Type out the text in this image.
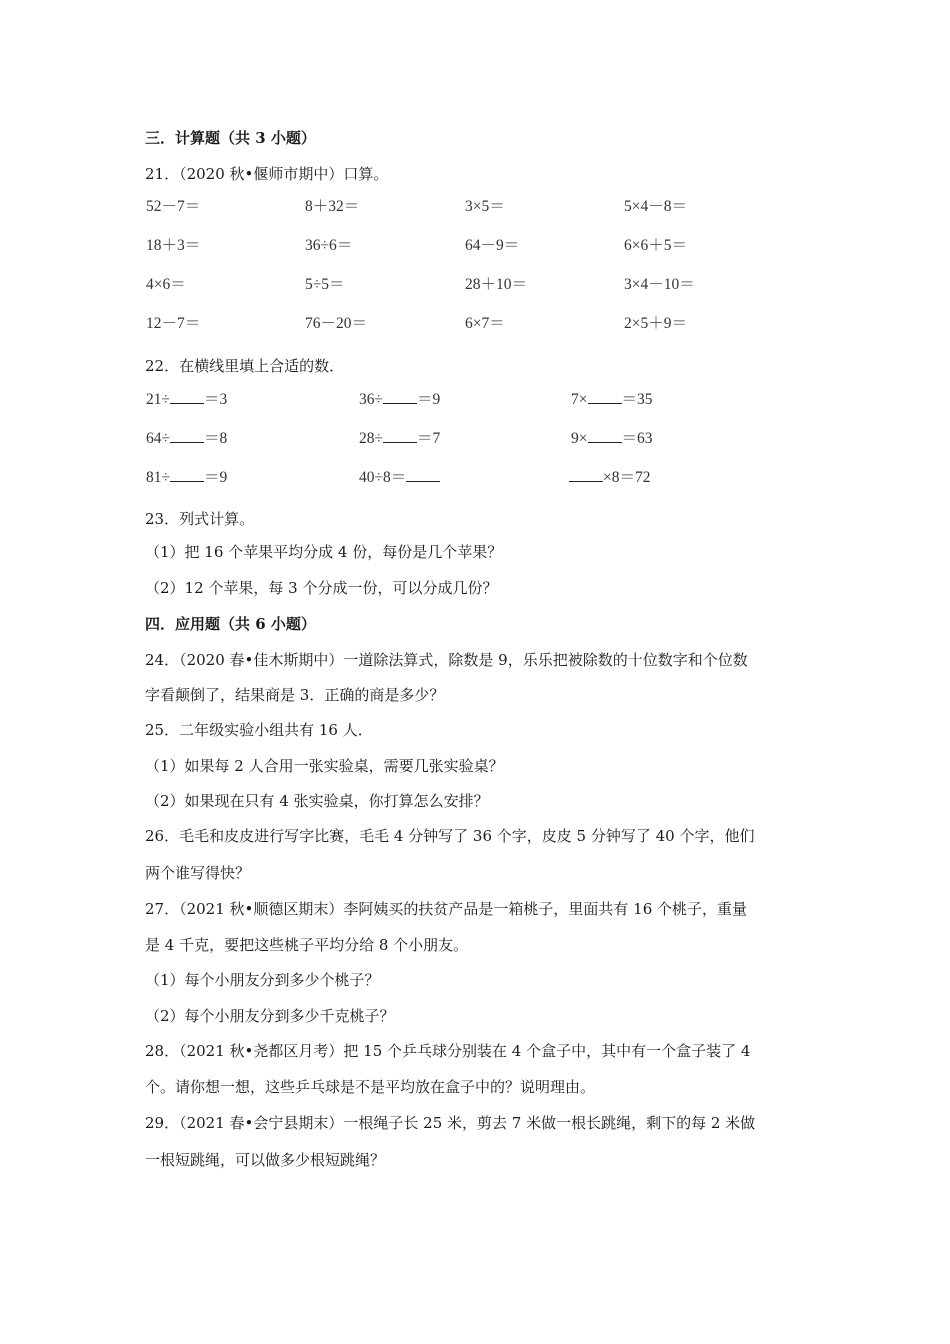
三．计算题（共 3 小题）
21．（2020 秋•偃师市期中）口算。
52－7＝	8＋32＝	3×5＝	5×4－8＝
18＋3＝	36÷6＝	64－9＝	6×6＋5＝
4×6＝	5÷5＝	28＋10＝	3×4－10＝
12－7＝	76－20＝	6×7＝	2×5＋9＝
22．在横线里填上合适的数．
21÷ ＝3	36÷ ＝9	7× ＝35
64÷ ＝8	28÷ ＝7	9× ＝63
81÷ ＝9	40÷8＝	×8＝72
23．列式计算。
（1）把 16 个苹果平均分成 4 份，每份是几个苹果？
（2）12 个苹果，每 3 个分成一份，可以分成几份？
四．应用题（共 6 小题）
24．（2020 春•佳木斯期中）一道除法算式，除数是 9，乐乐把被除数的十位数字和个位数
字看颠倒了，结果商是 3．正确的商是多少？
25．二年级实验小组共有 16 人．
（1）如果每 2 人合用一张实验桌，需要几张实验桌？
（2）如果现在只有 4 张实验桌，你打算怎么安排？
26．毛毛和皮皮进行写字比赛，毛毛 4 分钟写了 36 个字，皮皮 5 分钟写了 40 个字，他们
两个谁写得快？
27．（2021 秋•顺德区期末）李阿姨买的扶贫产品是一箱桃子，里面共有 16 个桃子，重量
是 4 千克，要把这些桃子平均分给 8 个小朋友。
（1）每个小朋友分到多少个桃子？
（2）每个小朋友分到多少千克桃子？
28．（2021 秋•尧都区月考）把 15 个乒乓球分别装在 4 个盒子中，其中有一个盒子装了 4
个。请你想一想，这些乒乓球是不是平均放在盒子中的？说明理由。
29．（2021 春•会宁县期末）一根绳子长 25 米，剪去 7 米做一根长跳绳，剩下的每 2 米做
一根短跳绳，可以做多少根短跳绳？
